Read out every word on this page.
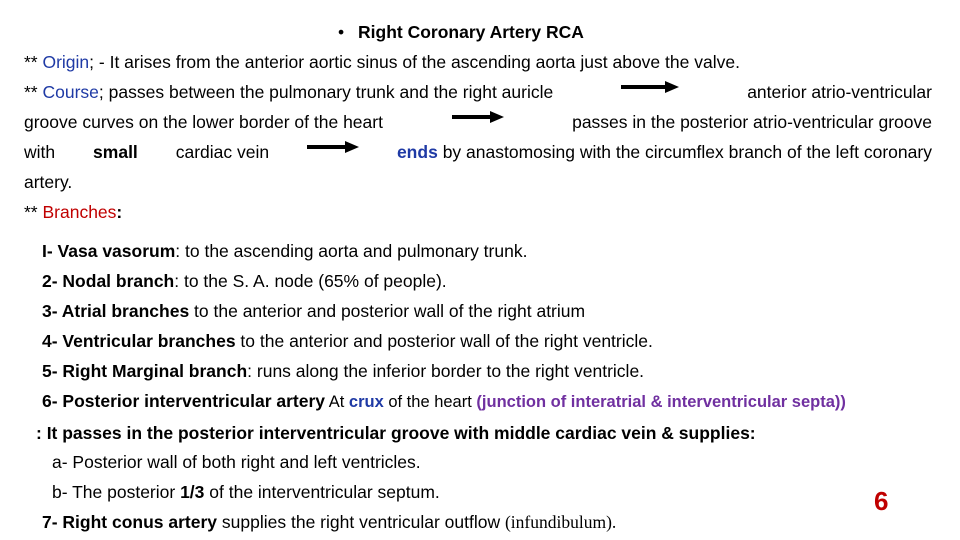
• Right Coronary Artery RCA
** Origin; - It arises from the anterior aortic sinus of the ascending aorta just above the valve.
** Course; passes between the pulmonary trunk and the right auricle	anterior atrio-ventricular
groove curves on the lower border of the heart	passes in the posterior atrio-ventricular groove
with small cardiac vein	ends by anastomosing with the circumflex branch of the left coronary
artery.
** Branches:
I- Vasa vasorum: to the ascending aorta and pulmonary trunk.
2- Nodal branch: to the S. A. node (65% of people).
3- Atrial branches to the anterior and posterior wall of the right atrium
4- Ventricular branches to the anterior and posterior wall of the right ventricle.
5- Right Marginal branch: runs along the inferior border to the right ventricle.
6- Posterior interventricular artery At crux of the heart (junction of interatrial & interventricular septa))
: It passes in the posterior interventricular groove with middle cardiac vein & supplies:
a- Posterior wall of both right and left ventricles.
b- The posterior 1/3 of the interventricular septum.
7- Right conus artery supplies the right ventricular outflow (infundibulum).
6
